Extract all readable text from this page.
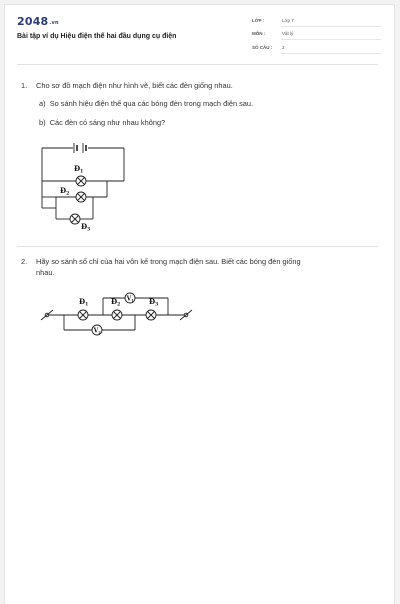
2048.vn
Bài tập ví dụ Hiệu điện thế hai đầu dụng cụ điện
LỚP :	Lớp 7
MÔN :	Vật lý
SỐ CÂU : 2
1. Cho sơ đồ mạch điện như hình vẽ, biết các đèn giống nhau.
a) So sánh hiệu điện thế qua các bóng đèn trong mạch điện sau.
b) Các đèn có sáng như nhau không?
$Đ_1$
$Đ_2$
$Đ_3$
2. Hãy so sánh số chỉ của hai vôn kế trong mạch điện sau. Biết các bóng đèn giống
nhau.
V1
V2
$Đ_1$	$Đ_2$	$Đ_3$
